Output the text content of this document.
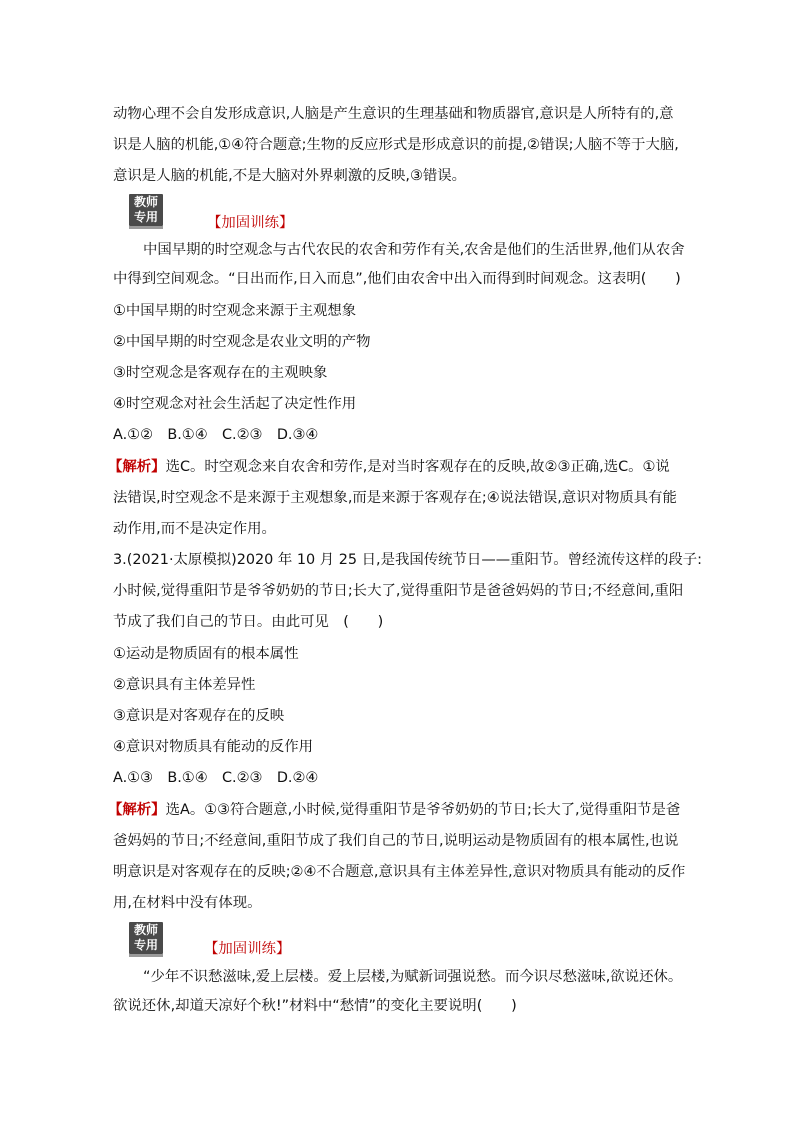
动物心理不会自发形成意识,人脑是产生意识的生理基础和物质器官,意识是人所特有的,意
识是人脑的机能,①④符合题意;生物的反应形式是形成意识的前提,②错误;人脑不等于大脑,
意识是人脑的机能,不是大脑对外界刺激的反映,③错误。
教师
专用	【加固训练】
中国早期的时空观念与古代农民的农舍和劳作有关,农舍是他们的生活世界,他们从农舍
中得到空间观念。“日出而作,日入而息”,他们由农舍中出入而得到时间观念。这表明(　　)
①中国早期的时空观念来源于主观想象
②中国早期的时空观念是农业文明的产物
③时空观念是客观存在的主观映象
④时空观念对社会生活起了决定性作用
A.①②　B.①④　C.②③　D.③④
【解析】选C。时空观念来自农舍和劳作,是对当时客观存在的反映,故②③正确,选C。①说
法错误,时空观念不是来源于主观想象,而是来源于客观存在;④说法错误,意识对物质具有能
动作用,而不是决定作用。
3.(2021·太原模拟)2020 年 10 月 25 日,是我国传统节日——重阳节。曾经流传这样的段子:
小时候,觉得重阳节是爷爷奶奶的节日;长大了,觉得重阳节是爸爸妈妈的节日;不经意间,重阳
节成了我们自己的节日。由此可见　(　　)
①运动是物质固有的根本属性
②意识具有主体差异性
③意识是对客观存在的反映
④意识对物质具有能动的反作用
A.①③　B.①④　C.②③　D.②④
【解析】选A。①③符合题意,小时候,觉得重阳节是爷爷奶奶的节日;长大了,觉得重阳节是爸
爸妈妈的节日;不经意间,重阳节成了我们自己的节日,说明运动是物质固有的根本属性,也说
明意识是对客观存在的反映;②④不合题意,意识具有主体差异性,意识对物质具有能动的反作
用,在材料中没有体现。
教师
专用	【加固训练】
“少年不识愁滋味,爱上层楼。爱上层楼,为赋新词强说愁。而今识尽愁滋味,欲说还休。
欲说还休,却道天凉好个秋!”材料中“愁情”的变化主要说明(　　)
